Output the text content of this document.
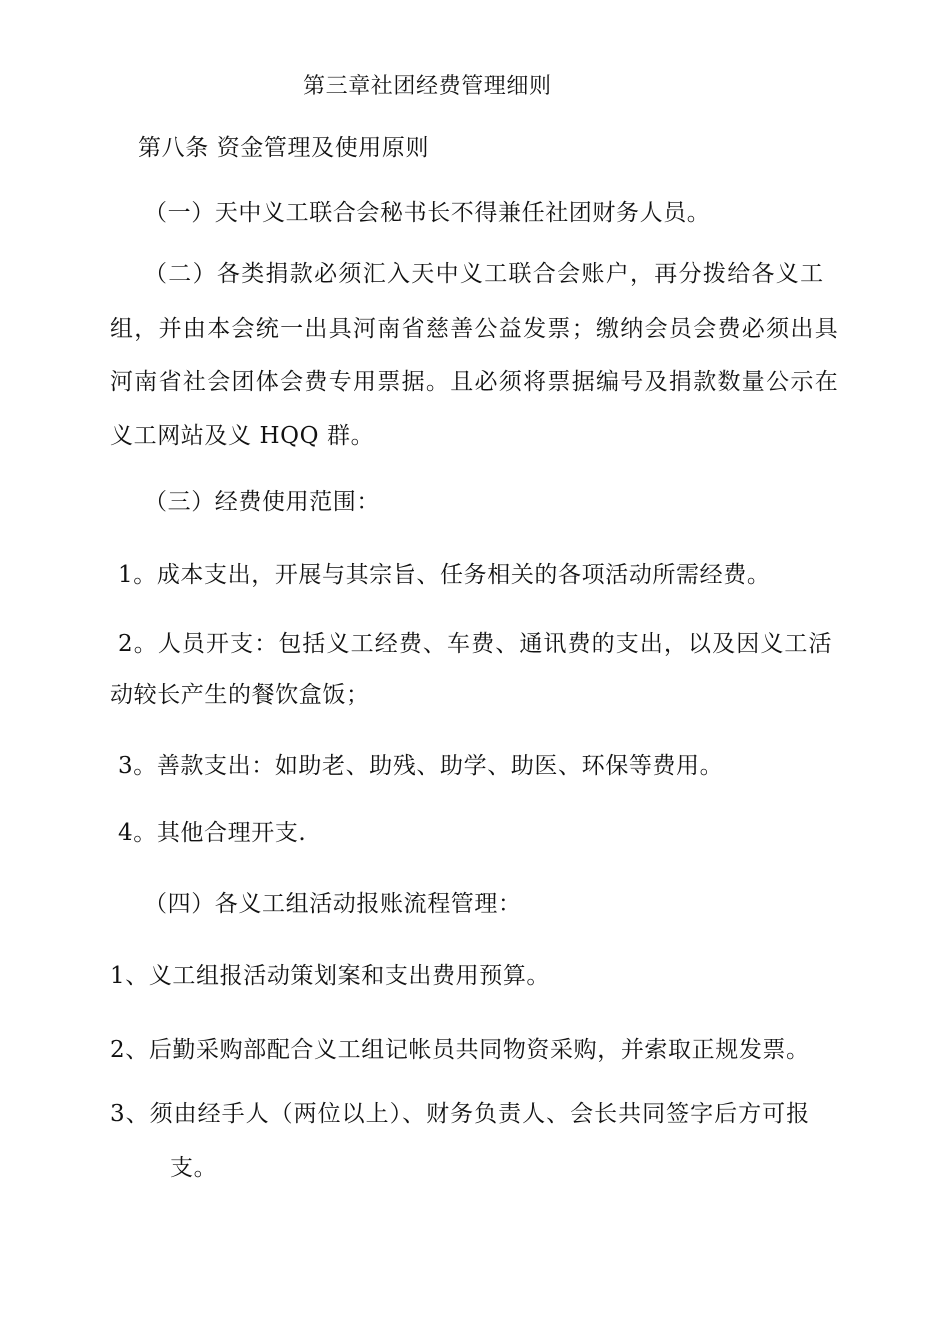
第三章社团经费管理细则
第八条 资金管理及使用原则
（一）天中义工联合会秘书长不得兼任社团财务人员。
（二）各类捐款必须汇入天中义工联合会账户，再分拨给各义工
组，并由本会统一出具河南省慈善公益发票；缴纳会员会费必须出具
河南省社会团体会费专用票据。且必须将票据编号及捐款数量公示在
义工网站及义 HQQ 群。
（三）经费使用范围：
1。成本支出，开展与其宗旨、任务相关的各项活动所需经费。
2。人员开支：包括义工经费、车费、通讯费的支出，以及因义工活
动较长产生的餐饮盒饭；
3。善款支出：如助老、助残、助学、助医、环保等费用。
4。其他合理开支.
（四）各义工组活动报账流程管理：
1、义工组报活动策划案和支出费用预算。
2、后勤采购部配合义工组记帐员共同物资采购，并索取正规发票。
3、须由经手人（两位以上）、财务负责人、会长共同签字后方可报
支。
